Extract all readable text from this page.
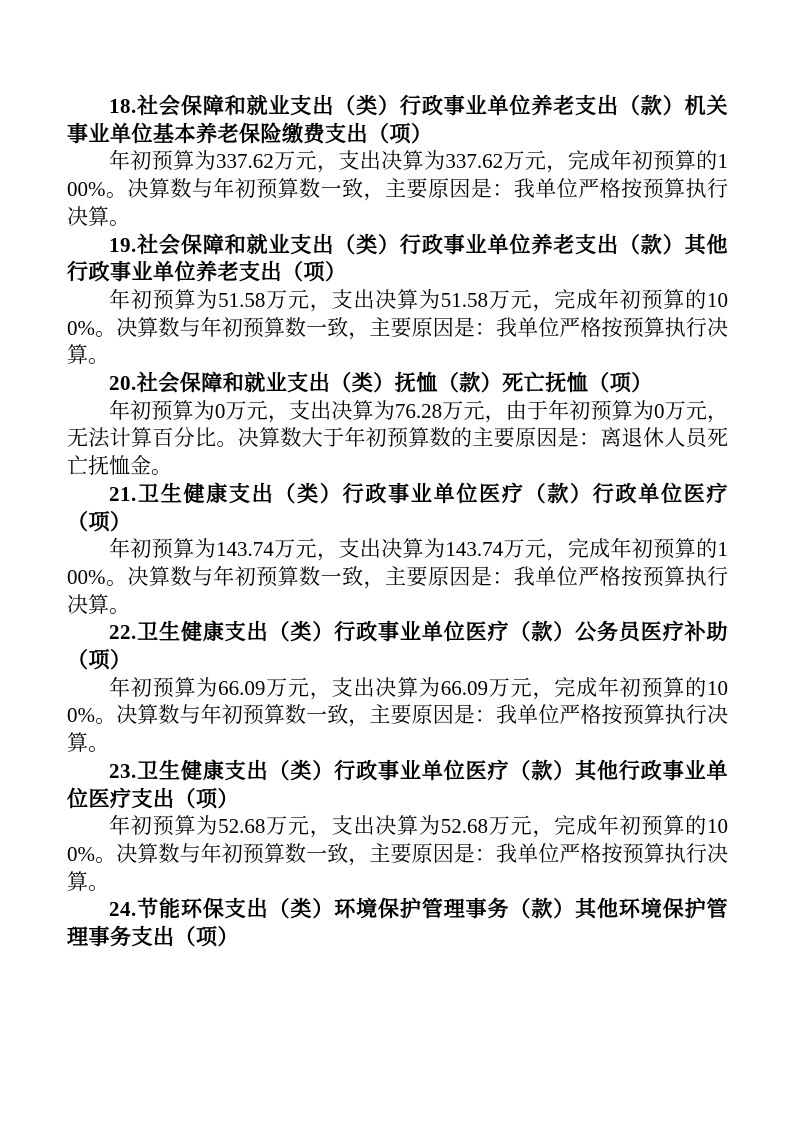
18.社会保障和就业支出（类）行政事业单位养老支出（款）机关事业单位基本养老保险缴费支出（项）

年初预算为337.62万元，支出决算为337.62万元，完成年初预算的100%。决算数与年初预算数一致，主要原因是：我单位严格按预算执行决算。

19.社会保障和就业支出（类）行政事业单位养老支出（款）其他行政事业单位养老支出（项）

年初预算为51.58万元，支出决算为51.58万元，完成年初预算的100%。决算数与年初预算数一致，主要原因是：我单位严格按预算执行决算。

20.社会保障和就业支出（类）抚恤（款）死亡抚恤（项）

年初预算为0万元，支出决算为76.28万元，由于年初预算为0万元，无法计算百分比。决算数大于年初预算数的主要原因是：离退休人员死亡抚恤金。

21.卫生健康支出（类）行政事业单位医疗（款）行政单位医疗（项）

年初预算为143.74万元，支出决算为143.74万元，完成年初预算的100%。决算数与年初预算数一致，主要原因是：我单位严格按预算执行决算。

22.卫生健康支出（类）行政事业单位医疗（款）公务员医疗补助（项）

年初预算为66.09万元，支出决算为66.09万元，完成年初预算的100%。决算数与年初预算数一致，主要原因是：我单位严格按预算执行决算。

23.卫生健康支出（类）行政事业单位医疗（款）其他行政事业单位医疗支出（项）

年初预算为52.68万元，支出决算为52.68万元，完成年初预算的100%。决算数与年初预算数一致，主要原因是：我单位严格按预算执行决算。

24.节能环保支出（类）环境保护管理事务（款）其他环境保护管理事务支出（项）
